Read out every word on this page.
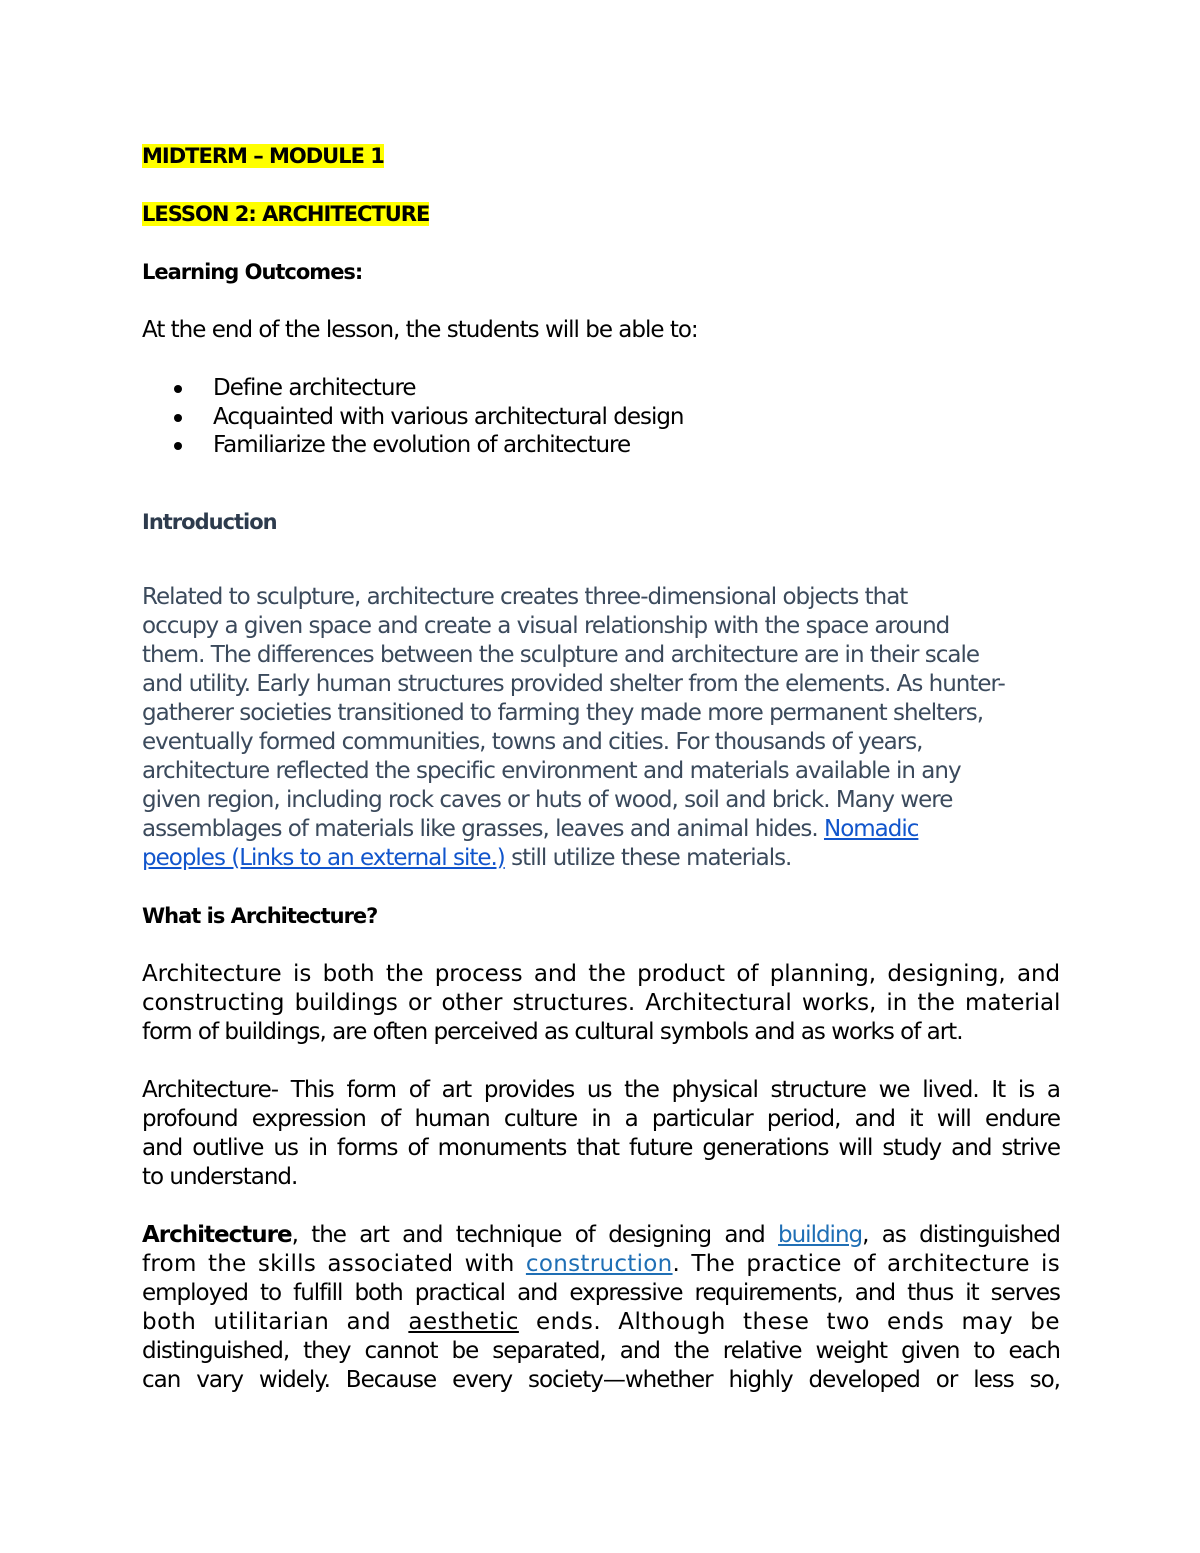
MIDTERM – MODULE 1
LESSON 2: ARCHITECTURE
Learning Outcomes:
At the end of the lesson, the students will be able to:
Define architecture
Acquainted with various architectural design
Familiarize the evolution of architecture
Introduction
Related to sculpture, architecture creates three-dimensional objects that
occupy a given space and create a visual relationship with the space around
them. The differences between the sculpture and architecture are in their scale
and utility. Early human structures provided shelter from the elements. As hunter-
gatherer societies transitioned to farming they made more permanent shelters,
eventually formed communities, towns and cities. For thousands of years,
architecture reflected the specific environment and materials available in any
given region, including rock caves or huts of wood, soil and brick. Many were
assemblages of materials like grasses, leaves and animal hides. Nomadic
peoples (Links to an external site.) still utilize these materials.
What is Architecture?
Architecture is both the process and the product of planning, designing, and
constructing buildings or other structures. Architectural works, in the material
form of buildings, are often perceived as cultural symbols and as works of art.
Architecture- This form of art provides us the physical structure we lived. It is a
profound expression of human culture in a particular period, and it will endure
and outlive us in forms of monuments that future generations will study and strive
to understand.
Architecture, the art and technique of designing and building, as distinguished
from the skills associated with construction. The practice of architecture is
employed to fulfill both practical and expressive requirements, and thus it serves
both utilitarian and aesthetic ends. Although these two ends may be
distinguished, they cannot be separated, and the relative weight given to each
can vary widely. Because every society—whether highly developed or less so,
